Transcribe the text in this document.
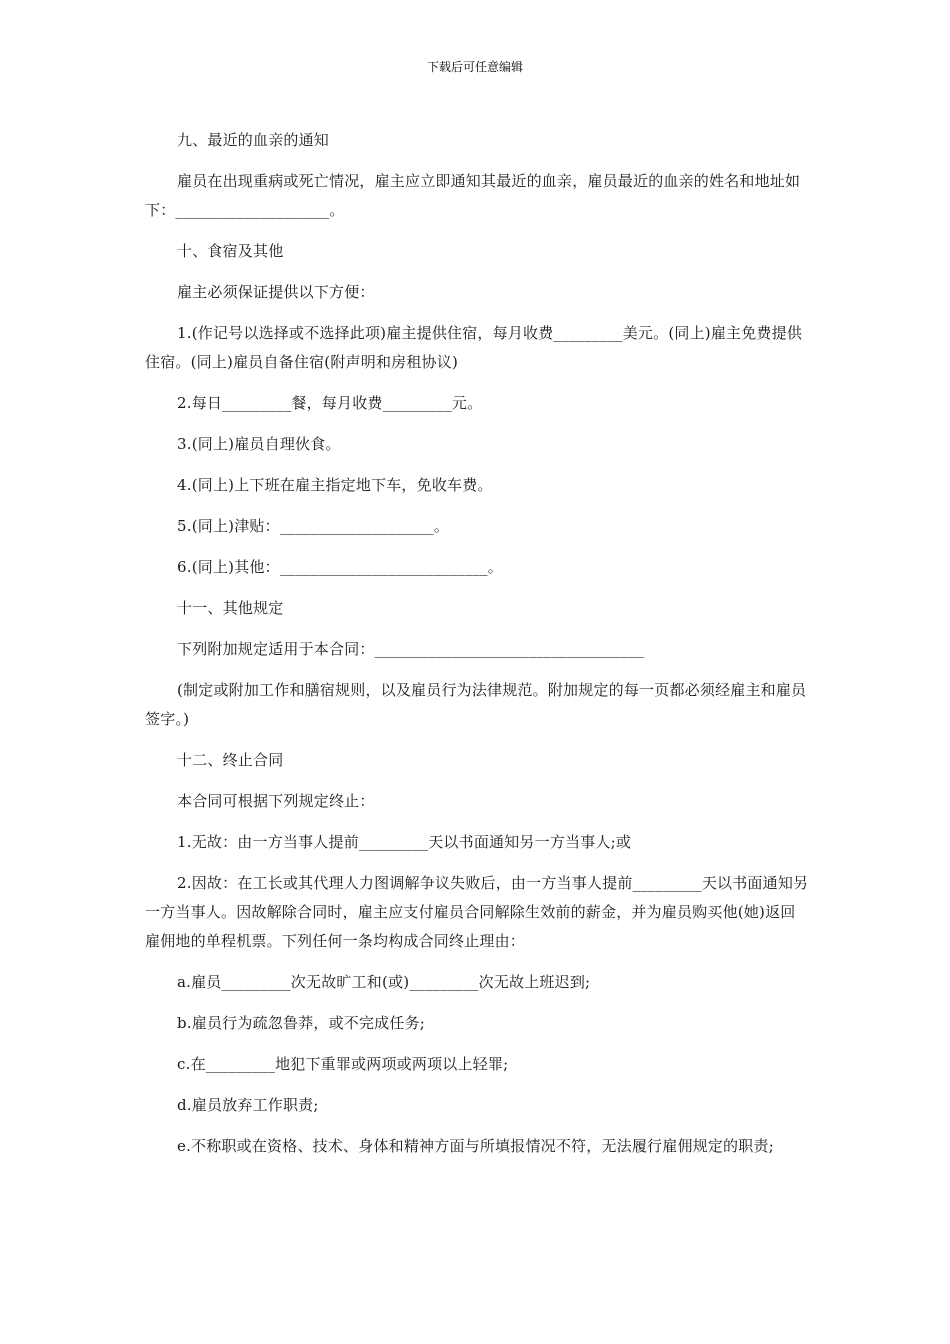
下载后可任意编辑

九、最近的血亲的通知

雇员在出现重病或死亡情况，雇主应立即通知其最近的血亲，雇员最近的血亲的姓名和地址如下：____________________。

十、食宿及其他

雇主必须保证提供以下方便：

1.(作记号以选择或不选择此项)雇主提供住宿，每月收费_________美元。(同上)雇主免费提供住宿。(同上)雇员自备住宿(附声明和房租协议)

2.每日_________餐，每月收费_________元。

3.(同上)雇员自理伙食。

4.(同上)上下班在雇主指定地下车，免收车费。

5.(同上)津贴：____________________。

6.(同上)其他：___________________________。

十一、其他规定

下列附加规定适用于本合同：___________________________________

(制定或附加工作和膳宿规则，以及雇员行为法律规范。附加规定的每一页都必须经雇主和雇员签字。)

十二、终止合同

本合同可根据下列规定终止：

1.无故：由一方当事人提前_________天以书面通知另一方当事人;或

2.因故：在工长或其代理人力图调解争议失败后，由一方当事人提前_________天以书面通知另一方当事人。因故解除合同时，雇主应支付雇员合同解除生效前的薪金，并为雇员购买他(她)返回雇佣地的单程机票。下列任何一条均构成合同终止理由：

a.雇员_________次无故旷工和(或)_________次无故上班迟到;

b.雇员行为疏忽鲁莽，或不完成任务;

c.在_________地犯下重罪或两项或两项以上轻罪;

d.雇员放弃工作职责;

e.不称职或在资格、技术、身体和精神方面与所填报情况不符，无法履行雇佣规定的职责;
